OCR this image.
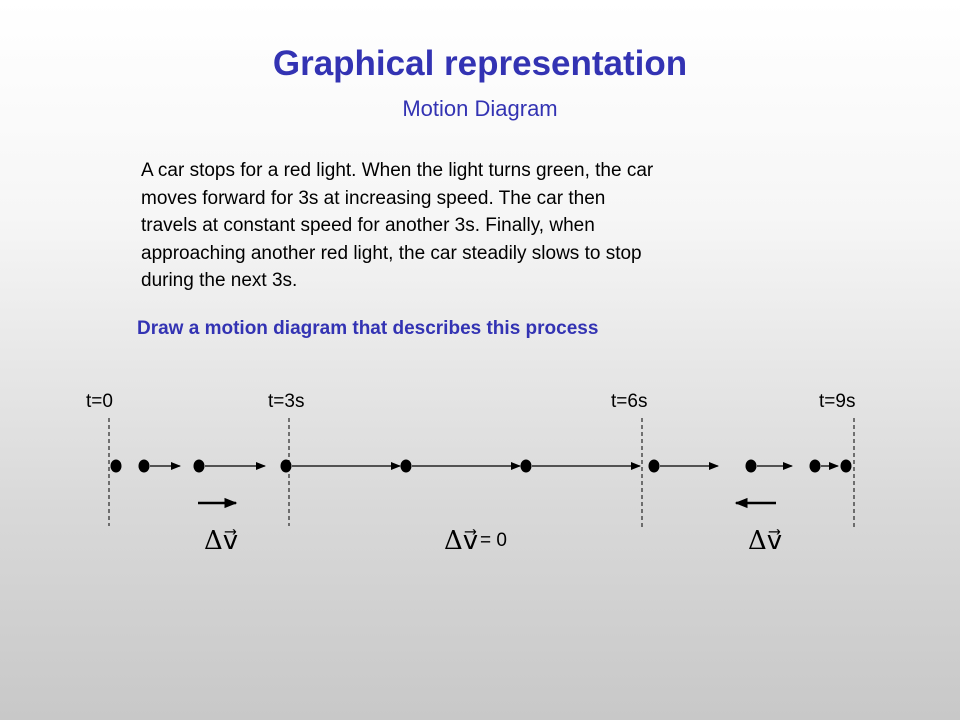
Graphical representation
Motion Diagram
A car stops for a red light. When the light turns green, the car
moves forward for 3s at increasing speed. The car then
travels at constant speed for another 3s. Finally, when
approaching another red light, the car steadily slows to stop
during the next 3s.
Draw a motion diagram that describes this process
t=0	t=3s	t=6s	t=9s
Δv⃗	Δv⃗ = 0	Δv⃗
